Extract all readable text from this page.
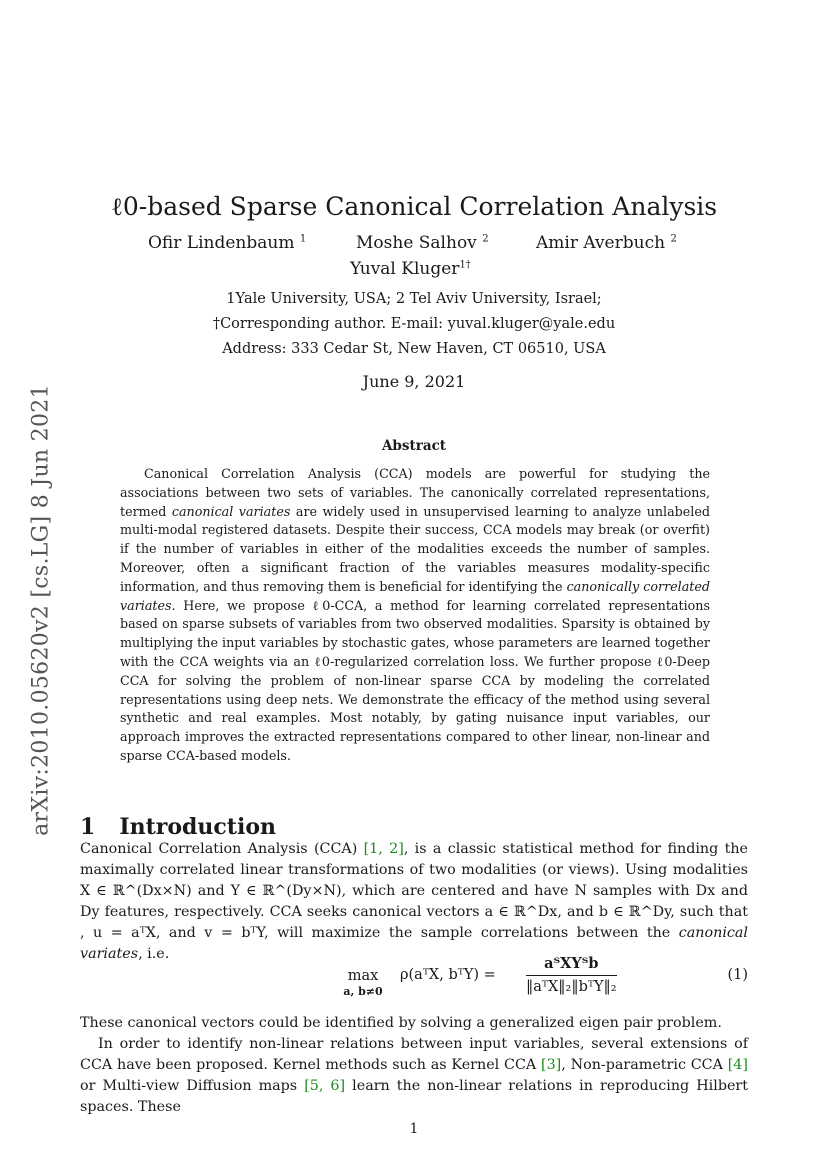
arXiv:2010.05620v2 [cs.LG] 8 Jun 2021
ℓ0-based Sparse Canonical Correlation Analysis
Ofir Lindenbaum $^1$	Moshe Salhov $^2$	Amir Averbuch $^2$
Yuval Kluger$^{1\dagger}$
1Yale University, USA; 2 Tel Aviv University, Israel;
†Corresponding author. E-mail: yuval.kluger@yale.edu
Address: 333 Cedar St, New Haven, CT 06510, USA
June 9, 2021
Abstract
Canonical Correlation Analysis (CCA) models are powerful for studying the associations between two sets of variables. The canonically correlated representations, termed canonical variates are widely used in unsupervised learning to analyze unlabeled multi-modal registered datasets. Despite their success, CCA models may break (or overfit) if the number of variables in either of the modalities exceeds the number of samples. Moreover, often a significant fraction of the variables measures modality-specific information, and thus removing them is beneficial for identifying the canonically correlated variates. Here, we propose ℓ0-CCA, a method for learning correlated representations based on sparse subsets of variables from two observed modalities. Sparsity is obtained by multiplying the input variables by stochastic gates, whose parameters are learned together with the CCA weights via an ℓ0-regularized correlation loss. We further propose ℓ0-Deep CCA for solving the problem of non-linear sparse CCA by modeling the correlated representations using deep nets. We demonstrate the efficacy of the method using several synthetic and real examples. Most notably, by gating nuisance input variables, our approach improves the extracted representations compared to other linear, non-linear and sparse CCA-based models.
1 Introduction
Canonical Correlation Analysis (CCA) [1, 2], is a classic statistical method for finding the maximally correlated linear transformations of two modalities (or views). Using modalities X ∈ ℝ^(Dx×N) and Y ∈ ℝ^(Dy×N), which are centered and have N samples with Dx and Dy features, respectively. CCA seeks canonical vectors a ∈ ℝ^Dx, and b ∈ ℝ^Dy, such that , u = aᵀX, and v = bᵀY, will maximize the sample correlations between the canonical variates, i.e.
max
a, b≠0
ρ(aᵀX, bᵀY) =
aᵀXYᵀb
‖aᵀX‖₂‖bᵀY‖₂
(1)
These canonical vectors could be identified by solving a generalized eigen pair problem.
In order to identify non-linear relations between input variables, several extensions of CCA have been proposed. Kernel methods such as Kernel CCA [3], Non-parametric CCA [4] or Multi-view Diffusion maps [5, 6] learn the non-linear relations in reproducing Hilbert spaces. These
1
